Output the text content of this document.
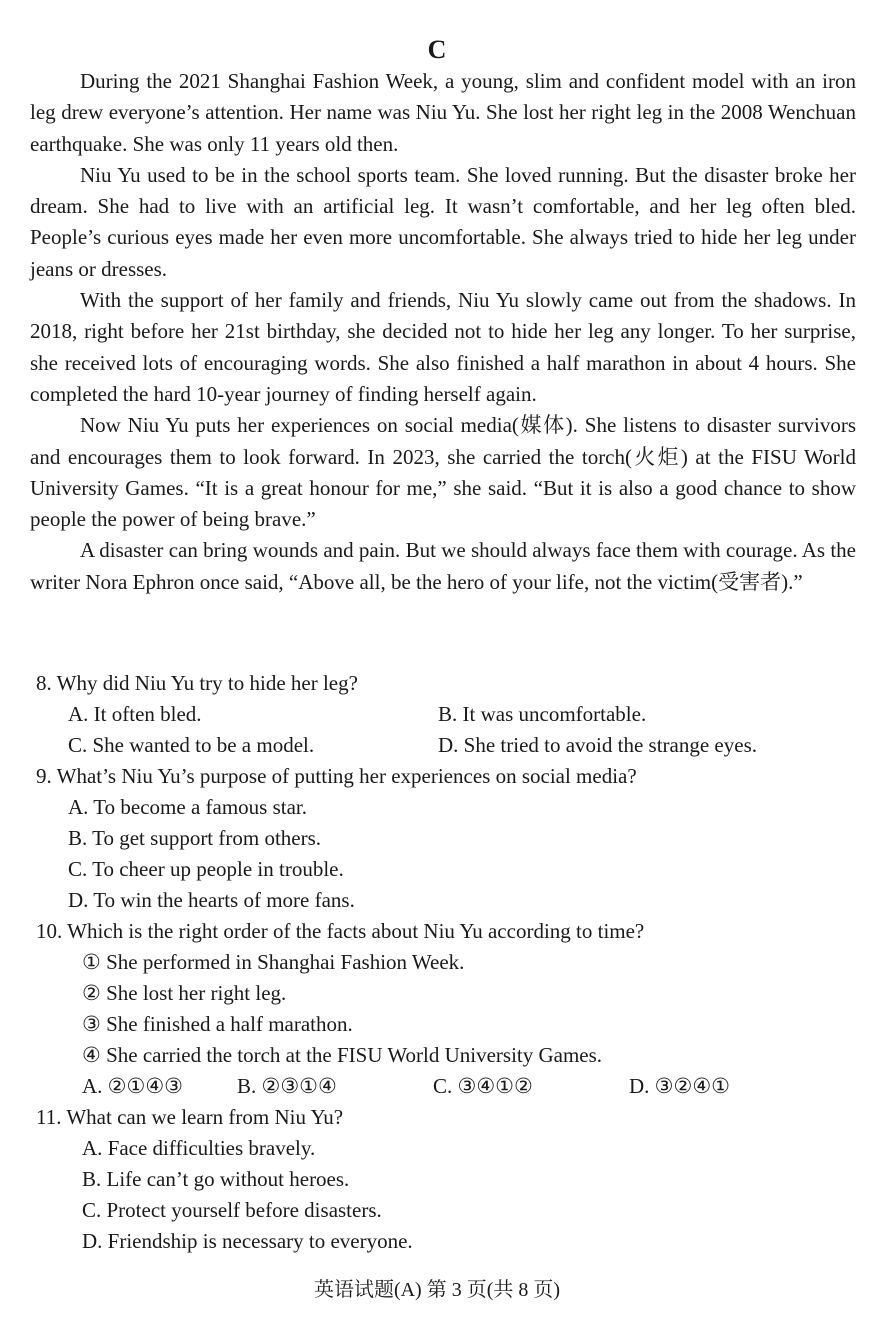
C

During the 2021 Shanghai Fashion Week, a young, slim and confident model with an iron leg drew everyone’s attention. Her name was Niu Yu. She lost her right leg in the 2008 Wenchuan earthquake. She was only 11 years old then.

Niu Yu used to be in the school sports team. She loved running. But the disaster broke her dream. She had to live with an artificial leg. It wasn’t comfortable, and her leg often bled. People’s curious eyes made her even more uncomfortable. She always tried to hide her leg under jeans or dresses.

With the support of her family and friends, Niu Yu slowly came out from the shadows. In 2018, right before her 21st birthday, she decided not to hide her leg any longer. To her surprise, she received lots of encouraging words. She also finished a half marathon in about 4 hours. She completed the hard 10-year journey of finding herself again.

Now Niu Yu puts her experiences on social media(媒体). She listens to disaster survivors and encourages them to look forward. In 2023, she carried the torch(火炬) at the FISU World University Games. “It is a great honour for me,” she said. “But it is also a good chance to show people the power of being brave.”

A disaster can bring wounds and pain. But we should always face them with courage. As the writer Nora Ephron once said, “Above all, be the hero of your life, not the victim(受害者).”

8. Why did Niu Yu try to hide her leg?
A. It often bled.	B. It was uncomfortable.
C. She wanted to be a model.	D. She tried to avoid the strange eyes.
9. What’s Niu Yu’s purpose of putting her experiences on social media?
A. To become a famous star.
B. To get support from others.
C. To cheer up people in trouble.
D. To win the hearts of more fans.
10. Which is the right order of the facts about Niu Yu according to time?
① She performed in Shanghai Fashion Week.
② She lost her right leg.
③ She finished a half marathon.
④ She carried the torch at the FISU World University Games.
A. ②①④③	B. ②③①④	C. ③④①②	D. ③②④①
11. What can we learn from Niu Yu?
A. Face difficulties bravely.
B. Life can’t go without heroes.
C. Protect yourself before disasters.
D. Friendship is necessary to everyone.
英语试题(A) 第 3 页(共 8 页)
